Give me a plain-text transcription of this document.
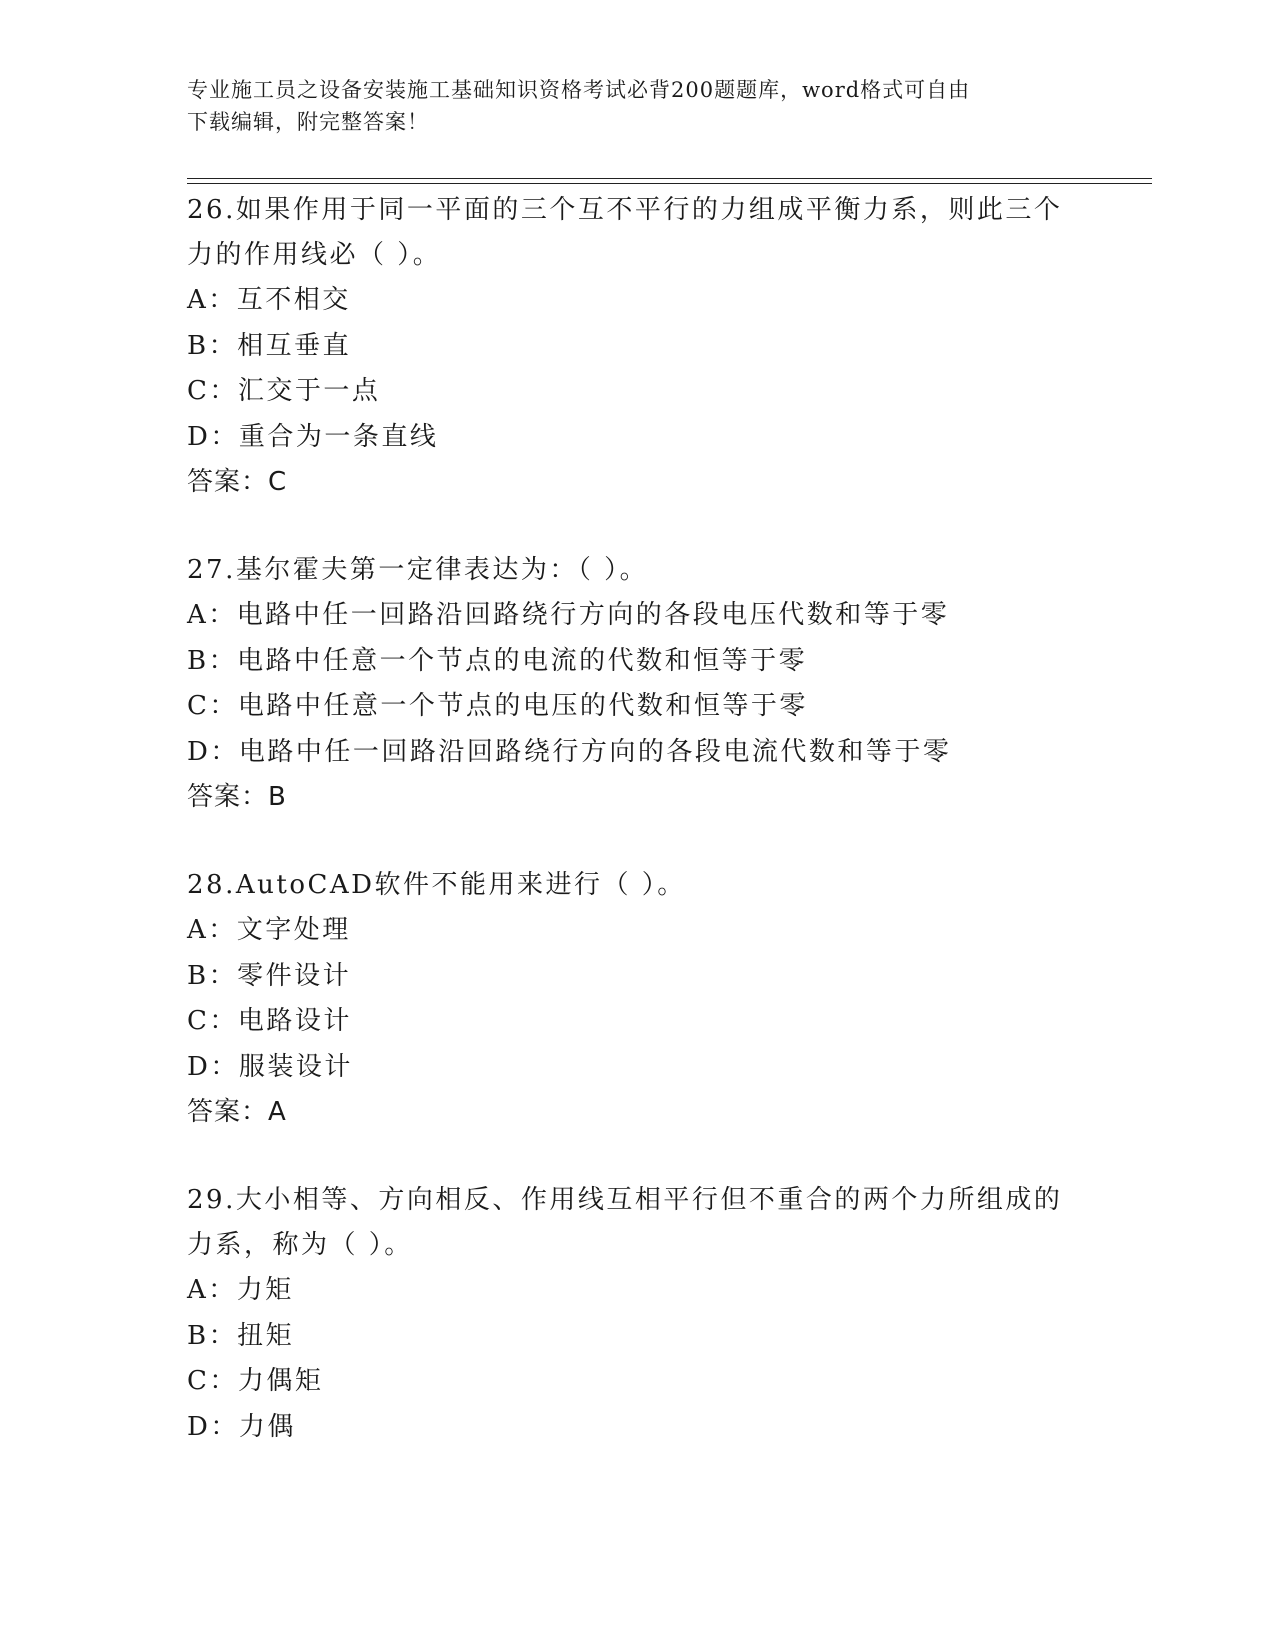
专业施工员之设备安装施工基础知识资格考试必背200题题库，word格式可自由
下载编辑，附完整答案！

26.如果作用于同一平面的三个互不平行的力组成平衡力系，则此三个力的作用线必（ ）。

A：互不相交
B：相互垂直
C：汇交于一点
D：重合为一条直线
答案：C

27.基尔霍夫第一定律表达为：（ ）。

A：电路中任一回路沿回路绕行方向的各段电压代数和等于零
B：电路中任意一个节点的电流的代数和恒等于零
C：电路中任意一个节点的电压的代数和恒等于零
D：电路中任一回路沿回路绕行方向的各段电流代数和等于零
答案：B

28.AutoCAD软件不能用来进行（ ）。

A：文字处理
B：零件设计
C：电路设计
D：服装设计
答案：A

29.大小相等、方向相反、作用线互相平行但不重合的两个力所组成的力系，称为（ ）。

A：力矩
B：扭矩
C：力偶矩
D：力偶
